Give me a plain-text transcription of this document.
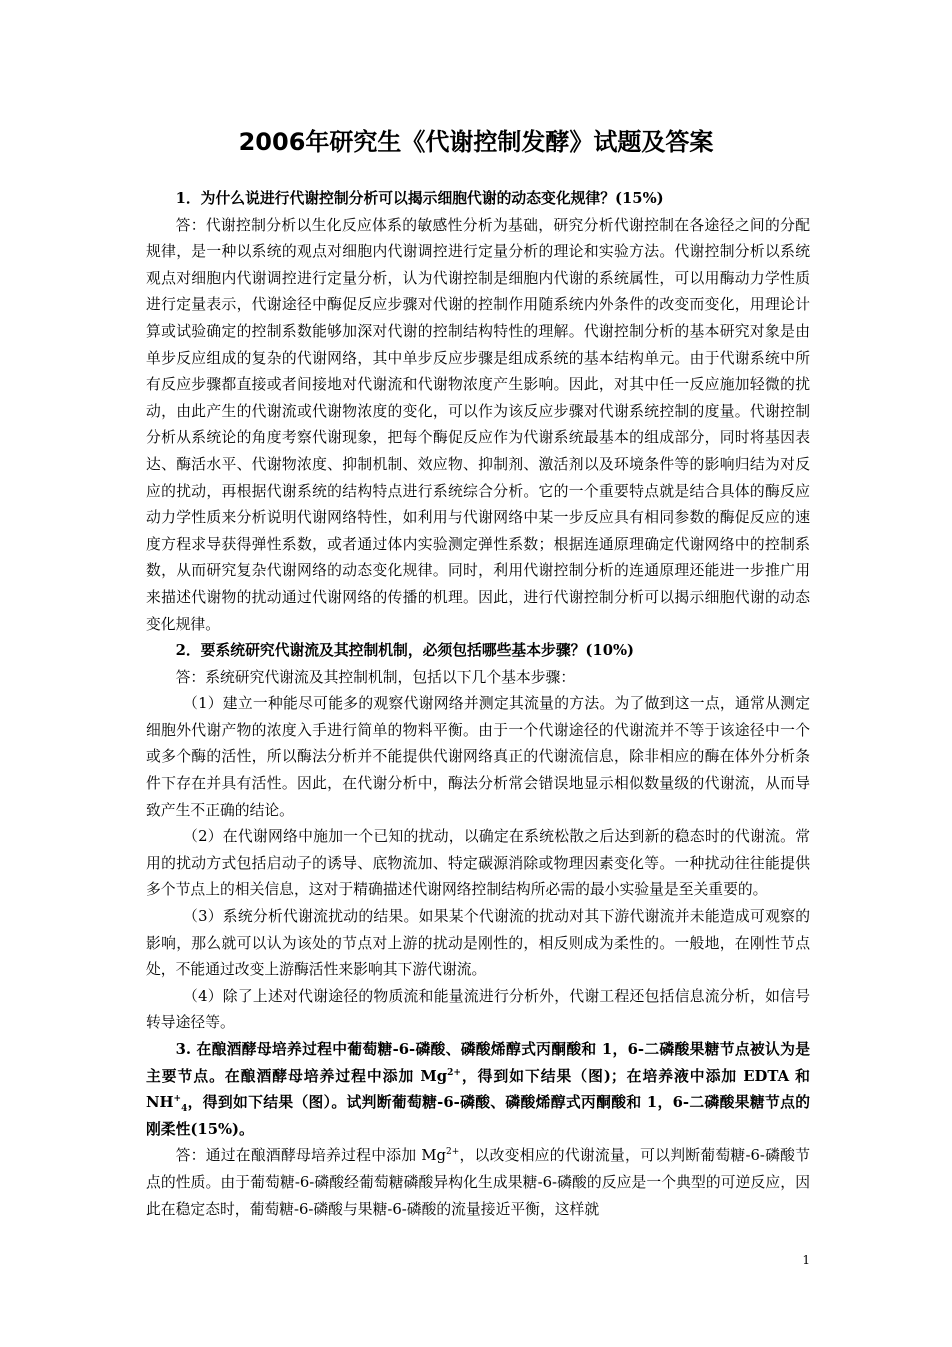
2006年研究生《代谢控制发酵》试题及答案

1．为什么说进行代谢控制分析可以揭示细胞代谢的动态变化规律？(15%)

答：代谢控制分析以生化反应体系的敏感性分析为基础，研究分析代谢控制在各途径之间的分配规律，是一种以系统的观点对细胞内代谢调控进行定量分析的理论和实验方法。代谢控制分析以系统观点对细胞内代谢调控进行定量分析，认为代谢控制是细胞内代谢的系统属性，可以用酶动力学性质进行定量表示，代谢途径中酶促反应步骤对代谢的控制作用随系统内外条件的改变而变化，用理论计算或试验确定的控制系数能够加深对代谢的控制结构特性的理解。代谢控制分析的基本研究对象是由单步反应组成的复杂的代谢网络，其中单步反应步骤是组成系统的基本结构单元。由于代谢系统中所有反应步骤都直接或者间接地对代谢流和代谢物浓度产生影响。因此，对其中任一反应施加轻微的扰动，由此产生的代谢流或代谢物浓度的变化，可以作为该反应步骤对代谢系统控制的度量。代谢控制分析从系统论的角度考察代谢现象，把每个酶促反应作为代谢系统最基本的组成部分，同时将基因表达、酶活水平、代谢物浓度、抑制机制、效应物、抑制剂、激活剂以及环境条件等的影响归结为对反应的扰动，再根据代谢系统的结构特点进行系统综合分析。它的一个重要特点就是结合具体的酶反应动力学性质来分析说明代谢网络特性，如利用与代谢网络中某一步反应具有相同参数的酶促反应的速度方程求导获得弹性系数，或者通过体内实验测定弹性系数；根据连通原理确定代谢网络中的控制系数，从而研究复杂代谢网络的动态变化规律。同时，利用代谢控制分析的连通原理还能进一步推广用来描述代谢物的扰动通过代谢网络的传播的机理。因此，进行代谢控制分析可以揭示细胞代谢的动态变化规律。

2．要系统研究代谢流及其控制机制，必须包括哪些基本步骤？(10%)

答：系统研究代谢流及其控制机制，包括以下几个基本步骤：

（1）建立一种能尽可能多的观察代谢网络并测定其流量的方法。为了做到这一点，通常从测定细胞外代谢产物的浓度入手进行简单的物料平衡。由于一个代谢途径的代谢流并不等于该途径中一个或多个酶的活性，所以酶法分析并不能提供代谢网络真正的代谢流信息，除非相应的酶在体外分析条件下存在并具有活性。因此，在代谢分析中，酶法分析常会错误地显示相似数量级的代谢流，从而导致产生不正确的结论。

（2）在代谢网络中施加一个已知的扰动，以确定在系统松散之后达到新的稳态时的代谢流。常用的扰动方式包括启动子的诱导、底物流加、特定碳源消除或物理因素变化等。一种扰动往往能提供多个节点上的相关信息，这对于精确描述代谢网络控制结构所必需的最小实验量是至关重要的。

（3）系统分析代谢流扰动的结果。如果某个代谢流的扰动对其下游代谢流并未能造成可观察的影响，那么就可以认为该处的节点对上游的扰动是刚性的，相反则成为柔性的。一般地，在刚性节点处，不能通过改变上游酶活性来影响其下游代谢流。

（4）除了上述对代谢途径的物质流和能量流进行分析外，代谢工程还包括信息流分析，如信号转导途径等。

3. 在酿酒酵母培养过程中葡萄糖-6-磷酸、磷酸烯醇式丙酮酸和 1，6-二磷酸果糖节点被认为是主要节点。在酿酒酵母培养过程中添加 $Mg^{2+}$，得到如下结果（图)；在培养液中添加 EDTA 和 $NH^+_4$，得到如下结果（图）。试判断葡萄糖-6-磷酸、磷酸烯醇式丙酮酸和 1，6-二磷酸果糖节点的刚柔性(15%)。

答：通过在酿酒酵母培养过程中添加 $Mg^{2+}$，以改变相应的代谢流量，可以判断葡萄糖-6-磷酸节点的性质。由于葡萄糖-6-磷酸经葡萄糖磷酸异构化生成果糖-6-磷酸的反应是一个典型的可逆反应，因此在稳定态时，葡萄糖-6-磷酸与果糖-6-磷酸的流量接近平衡，这样就

1
